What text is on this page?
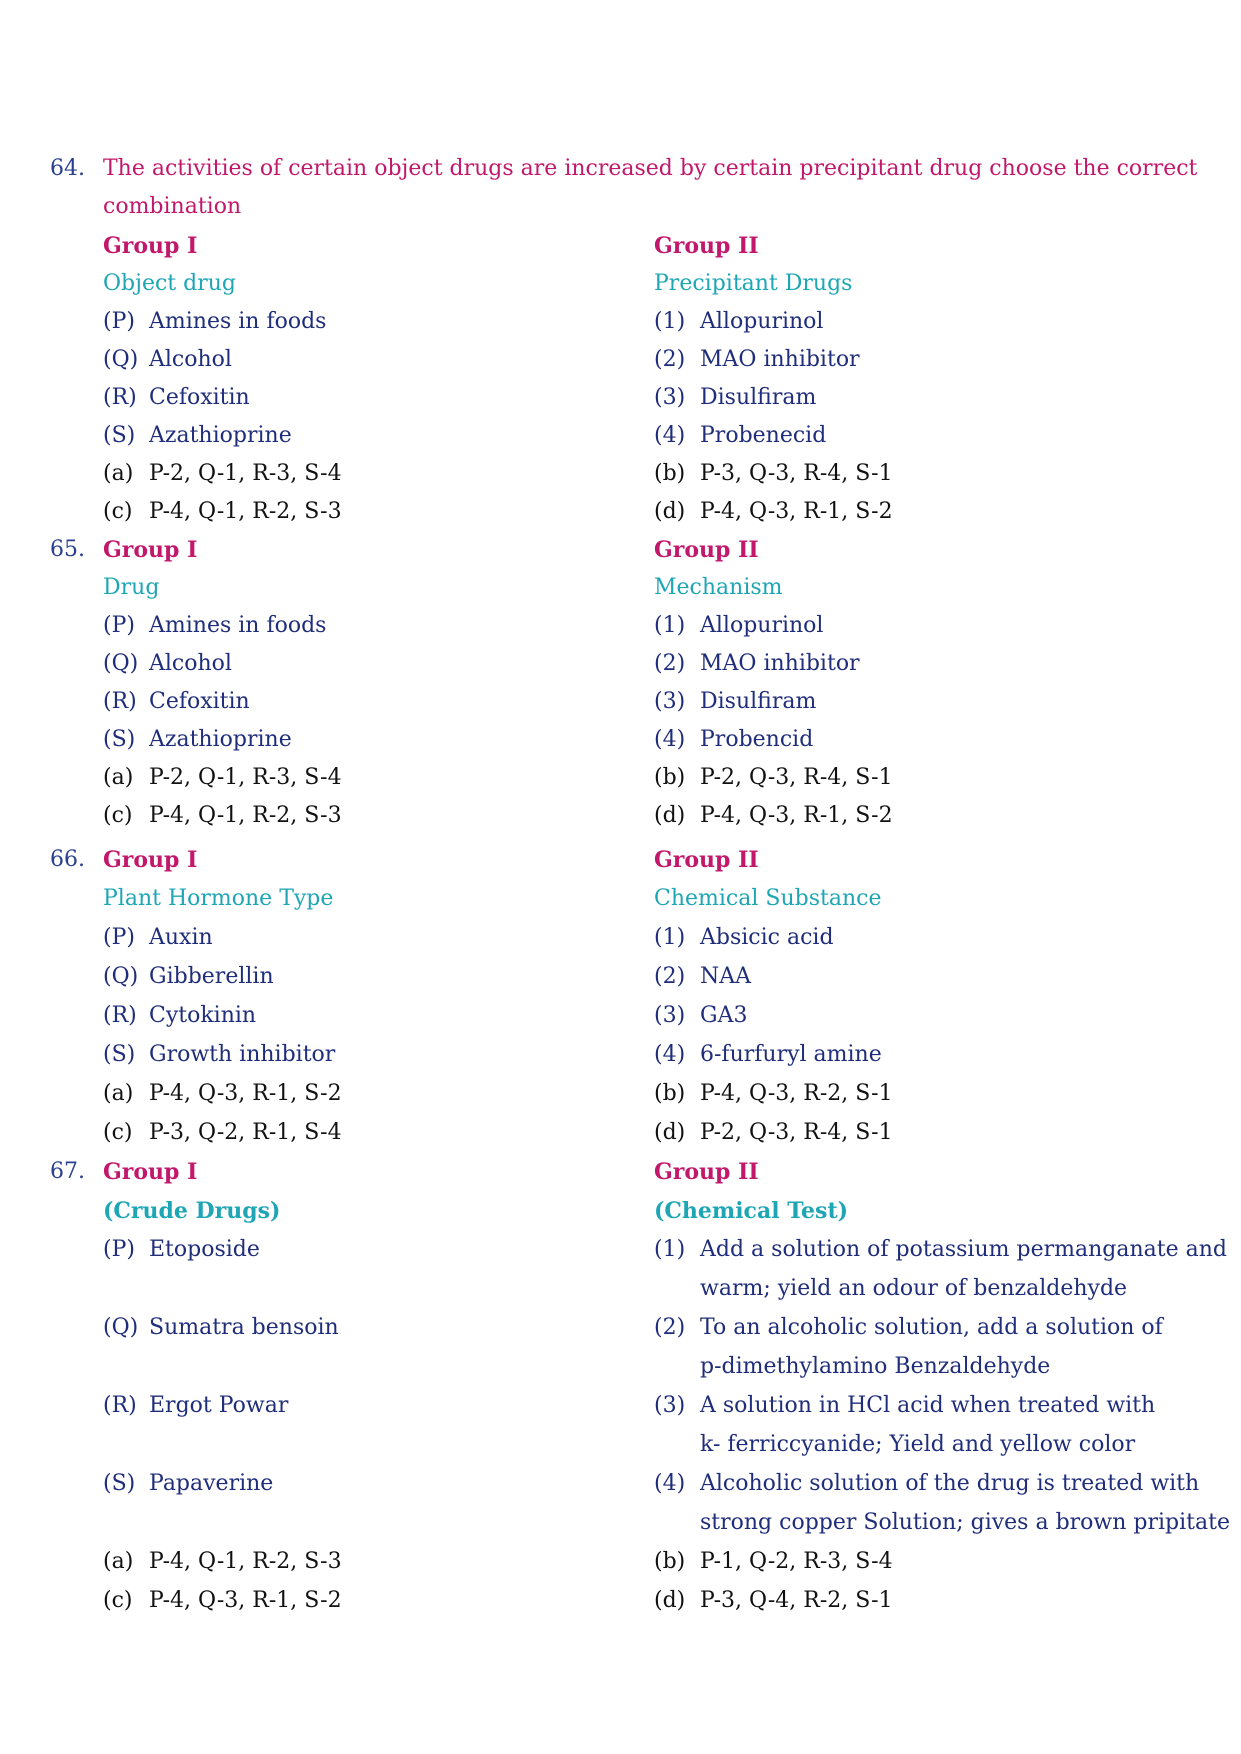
64. The activities of certain object drugs are increased by certain precipitant drug choose the correct
combination
Group I	Group II
Object drug	Precipitant Drugs
(P) Amines in foods	(1) Allopurinol
(Q) Alcohol	(2) MAO inhibitor
(R) Cefoxitin	(3) Disulfiram
(S) Azathioprine	(4) Probenecid
(a) P-2, Q-1, R-3, S-4	(b) P-3, Q-3, R-4, S-1
(c) P-4, Q-1, R-2, S-3	(d) P-4, Q-3, R-1, S-2
65. Group I	Group II
Drug	Mechanism
(P) Amines in foods	(1) Allopurinol
(Q) Alcohol	(2) MAO inhibitor
(R) Cefoxitin	(3) Disulfiram
(S) Azathioprine	(4) Probencid
(a) P-2, Q-1, R-3, S-4	(b) P-2, Q-3, R-4, S-1
(c) P-4, Q-1, R-2, S-3	(d) P-4, Q-3, R-1, S-2
66. Group I	Group II
Plant Hormone Type	Chemical Substance
(P) Auxin	(1) Absicic acid
(Q) Gibberellin	(2) NAA
(R) Cytokinin	(3) GA3
(S) Growth inhibitor	(4) 6-furfuryl amine
(a) P-4, Q-3, R-1, S-2	(b) P-4, Q-3, R-2, S-1
(c) P-3, Q-2, R-1, S-4	(d) P-2, Q-3, R-4, S-1
67. Group I	Group II
(Crude Drugs)	(Chemical Test)
(P) Etoposide	(1) Add a solution of potassium permanganate and
warm; yield an odour of benzaldehyde
(Q) Sumatra bensoin	(2) To an alcoholic solution, add a solution of
p-dimethylamino Benzaldehyde
(R) Ergot Powar	(3) A solution in HCl acid when treated with
k- ferriccyanide; Yield and yellow color
(S) Papaverine	(4) Alcoholic solution of the drug is treated with
strong copper Solution; gives a brown pripitate
(a) P-4, Q-1, R-2, S-3	(b) P-1, Q-2, R-3, S-4
(c) P-4, Q-3, R-1, S-2	(d) P-3, Q-4, R-2, S-1
